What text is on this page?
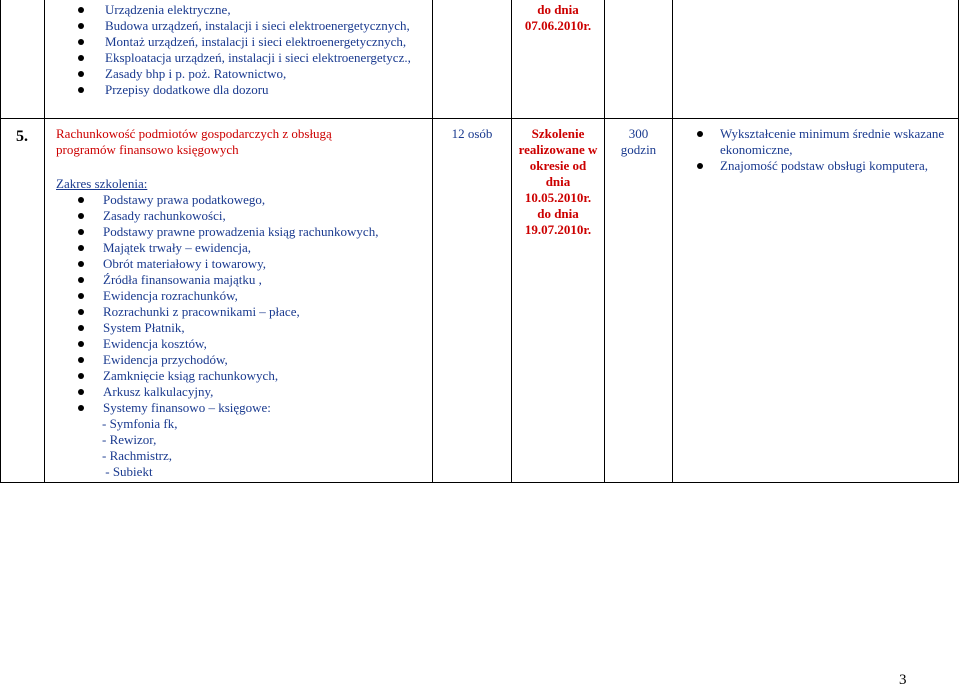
Urządzenia elektryczne,
Budowa urządzeń, instalacji i sieci elektroenergetycznych,
Montaż urządzeń, instalacji i sieci elektroenergetycznych,
Eksploatacja urządzeń, instalacji i sieci elektroenergetycz.,
Zasady bhp i p. poż. Ratownictwo,
Przepisy dodatkowe dla dozoru
do dnia
07.06.2010r.
5. Rachunkowość podmiotów gospodarczych z obsługą
programów finansowo księgowych
Zakres szkolenia:
Podstawy prawa podatkowego,
Zasady rachunkowości,
Podstawy prawne prowadzenia ksiąg rachunkowych,
Majątek trwały – ewidencja,
Obrót materiałowy i towarowy,
Źródła finansowania majątku ,
Ewidencja rozrachunków,
Rozrachunki z pracownikami – płace,
System Płatnik,
Ewidencja kosztów,
Ewidencja przychodów,
Zamknięcie ksiąg rachunkowych,
Arkusz kalkulacyjny,
Systemy finansowo – księgowe:
- Symfonia fk,
- Rewizor,
- Rachmistrz,
- Subiekt
12 osób	Szkolenie
realizowane w
okresie od
dnia
10.05.2010r.
do dnia
19.07.2010r.
300
godzin
Wykształcenie minimum średnie wskazane
ekonomiczne,
Znajomość podstaw obsługi komputera,
3
